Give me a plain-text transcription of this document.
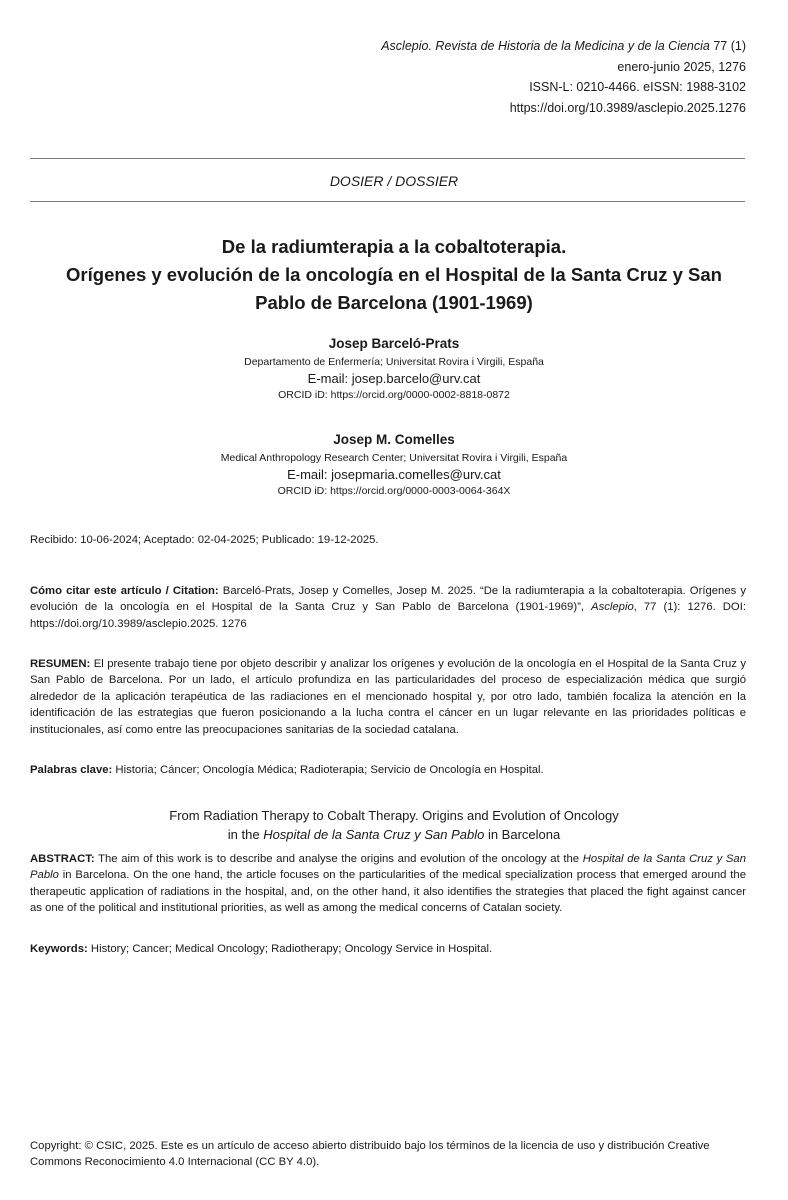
Asclepio. Revista de Historia de la Medicina y de la Ciencia 77 (1)
enero-junio 2025, 1276
ISSN-L: 0210-4466. eISSN: 1988-3102
https://doi.org/10.3989/asclepio.2025.1276
DOSIER / DOSSIER
De la radiumterapia a la cobaltoterapia.
Orígenes y evolución de la oncología en el Hospital de la Santa Cruz y San
Pablo de Barcelona (1901-1969)
Josep Barceló-Prats
Departamento de Enfermería; Universitat Rovira i Virgili, España
E-mail: josep.barcelo@urv.cat
ORCID iD: https://orcid.org/0000-0002-8818-0872
Josep M. Comelles
Medical Anthropology Research Center; Universitat Rovira i Virgili, España
E-mail: josepmaria.comelles@urv.cat
ORCID iD: https://orcid.org/0000-0003-0064-364X
Recibido: 10-06-2024; Aceptado: 02-04-2025; Publicado: 19-12-2025.
Cómo citar este artículo / Citation: Barceló-Prats, Josep y Comelles, Josep M. 2025. “De la radiumterapia a la cobaltoterapia. Orígenes y evolución de la oncología en el Hospital de la Santa Cruz y San Pablo de Barcelona (1901-1969)”, Asclepio, 77 (1): 1276. DOI: https://doi.org/10.3989/asclepio.2025. 1276
RESUMEN: El presente trabajo tiene por objeto describir y analizar los orígenes y evolución de la oncología en el Hospital de la Santa Cruz y San Pablo de Barcelona. Por un lado, el artículo profundiza en las particularidades del proceso de especialización médica que surgió alrededor de la aplicación terapéutica de las radiaciones en el mencionado hospital y, por otro lado, también focaliza la atención en la identificación de las estrategias que fueron posicionando a la lucha contra el cáncer en un lugar relevante en las prioridades políticas e institucionales, así como entre las preocupaciones sanitarias de la sociedad catalana.
Palabras clave: Historia; Cáncer; Oncología Médica; Radioterapia; Servicio de Oncología en Hospital.
From Radiation Therapy to Cobalt Therapy. Origins and Evolution of Oncology
in the Hospital de la Santa Cruz y San Pablo in Barcelona
ABSTRACT: The aim of this work is to describe and analyse the origins and evolution of the oncology at the Hospital de la Santa Cruz y San Pablo in Barcelona. On the one hand, the article focuses on the particularities of the medical specialization process that emerged around the therapeutic application of radiations in the hospital, and, on the other hand, it also identifies the strategies that placed the fight against cancer as one of the political and institutional priorities, as well as among the medical concerns of Catalan society.
Keywords: History; Cancer; Medical Oncology; Radiotherapy; Oncology Service in Hospital.
Copyright: © CSIC, 2025. Este es un artículo de acceso abierto distribuido bajo los términos de la licencia de uso y distribución Creative Commons Reconocimiento 4.0 Internacional (CC BY 4.0).
